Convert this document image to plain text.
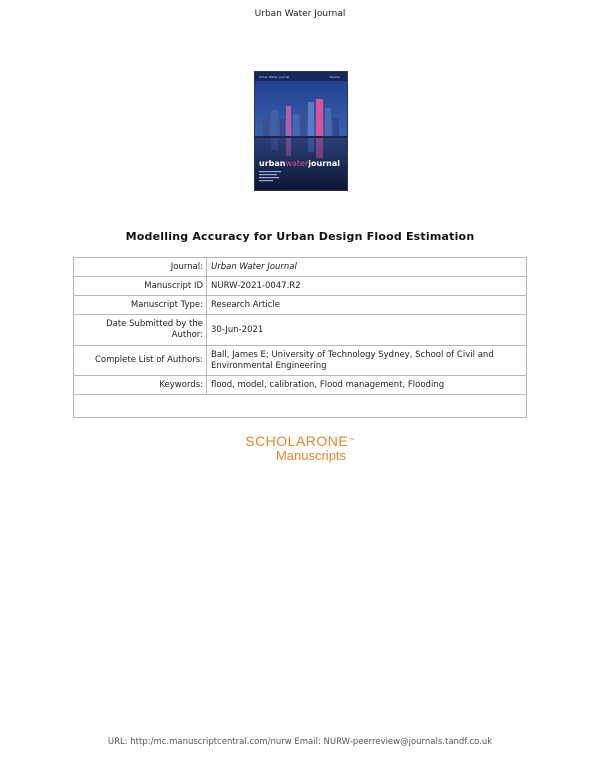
Urban Water Journal
Urban Water Journal	Volume
urbanwaterjournal
Modelling Accuracy for Urban Design Flood Estimation
Journal:	Urban Water Journal
Manuscript ID	NURW-2021-0047.R2
Manuscript Type:	Research Article
Date Submitted by the Author:	30-Jun-2021
Complete List of Authors:	Ball, James E; University of Technology Sydney, School of Civil and Environmental Engineering
Keywords:	flood, model, calibration, Flood management, Flooding

SCHOLARONE™
Manuscripts
URL: http:/mc.manuscriptcentral.com/nurw Email: NURW-peerreview@journals.tandf.co.uk
